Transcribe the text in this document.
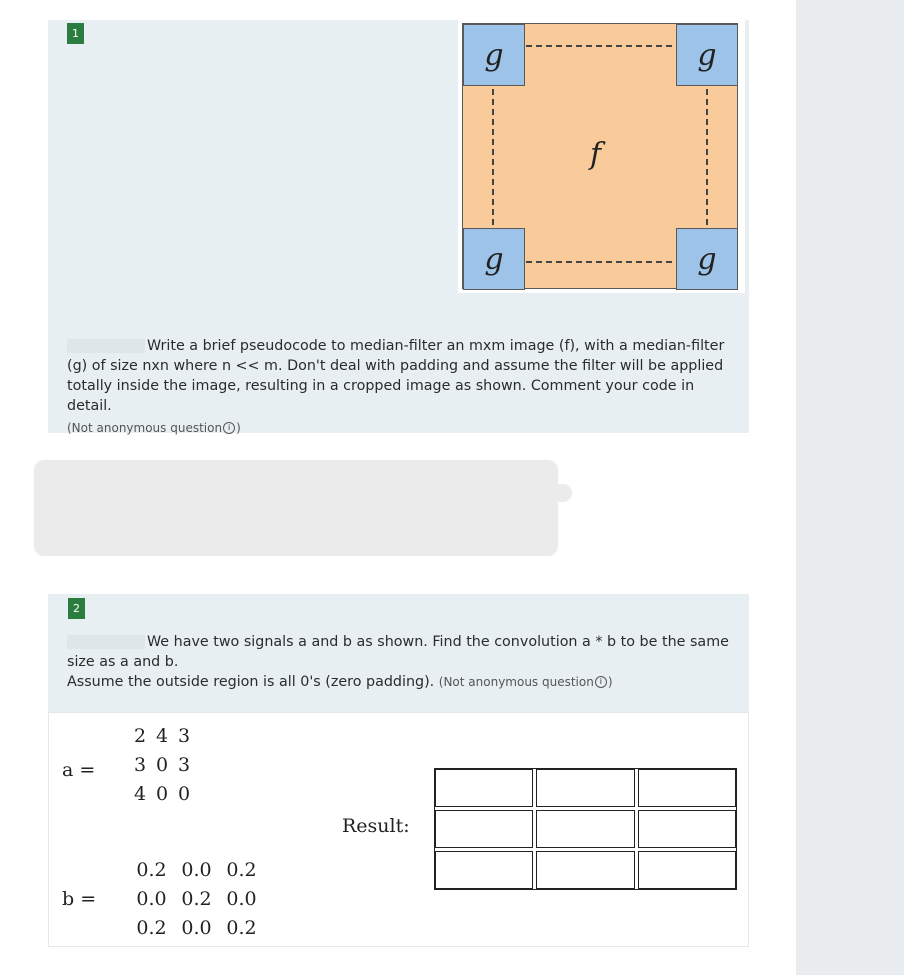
1
g	g
g	g
f
Write a brief pseudocode to median-filter an mxm image (f), with a median-filter (g) of size nxn where n << m. Don't deal with padding and assume the filter will be applied totally inside the image, resulting in a cropped image as shown. Comment your code in detail.
(Not anonymous question i )
2
We have two signals a and b as shown. Find the convolution a * b to be the same size as a and b.
Assume the outside region is all 0's (zero padding). (Not anonymous question i )
a =
2 4 3
3 0 3
4 0 0
b =
0.2 0.0 0.2
0.0 0.2 0.0
0.2 0.0 0.2
Result:
